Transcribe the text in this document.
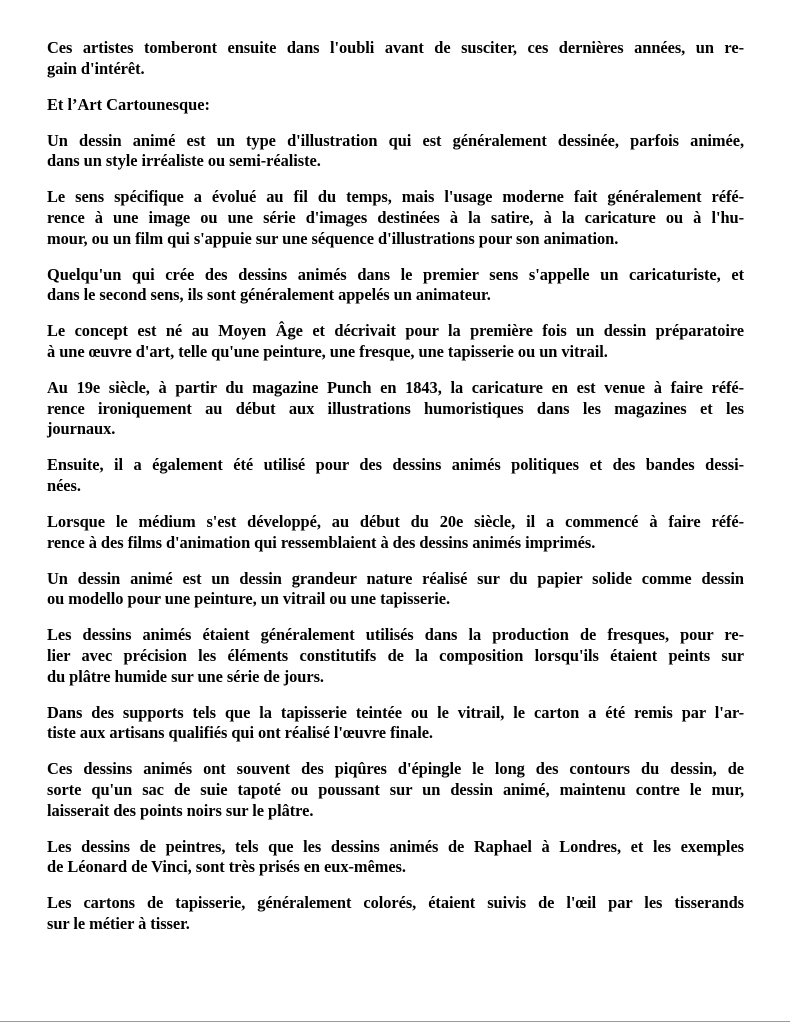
Ces artistes tomberont ensuite dans l'oubli avant de susciter, ces dernières années, un re-
gain d'intérêt.

Et l’Art Cartounesque:

Un dessin animé est un type d'illustration qui est généralement dessinée, parfois animée,
dans un style irréaliste ou semi-réaliste.

Le sens spécifique a évolué au fil du temps, mais l'usage moderne fait généralement réfé-
rence à une image ou une série d'images destinées à la satire, à la caricature ou à l'hu-
mour, ou un film qui s'appuie sur une séquence d'illustrations pour son animation.

Quelqu'un qui crée des dessins animés dans le premier sens s'appelle un caricaturiste, et
dans le second sens, ils sont généralement appelés un animateur.

Le concept est né au Moyen Âge et décrivait pour la première fois un dessin préparatoire
à une œuvre d'art, telle qu'une peinture, une fresque, une tapisserie ou un vitrail.

Au 19e siècle, à partir du magazine Punch en 1843, la caricature en est venue à faire réfé-
rence ironiquement au début aux illustrations humoristiques dans les magazines et les
journaux.

Ensuite, il a également été utilisé pour des dessins animés politiques et des bandes dessi-
nées.

Lorsque le médium s'est développé, au début du 20e siècle, il a commencé à faire réfé-
rence à des films d'animation qui ressemblaient à des dessins animés imprimés.

Un dessin animé est un dessin grandeur nature réalisé sur du papier solide comme dessin
ou modello pour une peinture, un vitrail ou une tapisserie.

Les dessins animés étaient généralement utilisés dans la production de fresques, pour re-
lier avec précision les éléments constitutifs de la composition lorsqu'ils étaient peints sur
du plâtre humide sur une série de jours.

Dans des supports tels que la tapisserie teintée ou le vitrail, le carton a été remis par l'ar-
tiste aux artisans qualifiés qui ont réalisé l'œuvre finale.

Ces dessins animés ont souvent des piqûres d'épingle le long des contours du dessin, de
sorte qu'un sac de suie tapoté ou poussant sur un dessin animé, maintenu contre le mur,
laisserait des points noirs sur le plâtre.

Les dessins de peintres, tels que les dessins animés de Raphael à Londres, et les exemples
de Léonard de Vinci, sont très prisés en eux-mêmes.

Les cartons de tapisserie, généralement colorés, étaient suivis de l'œil par les tisserands
sur le métier à tisser.
